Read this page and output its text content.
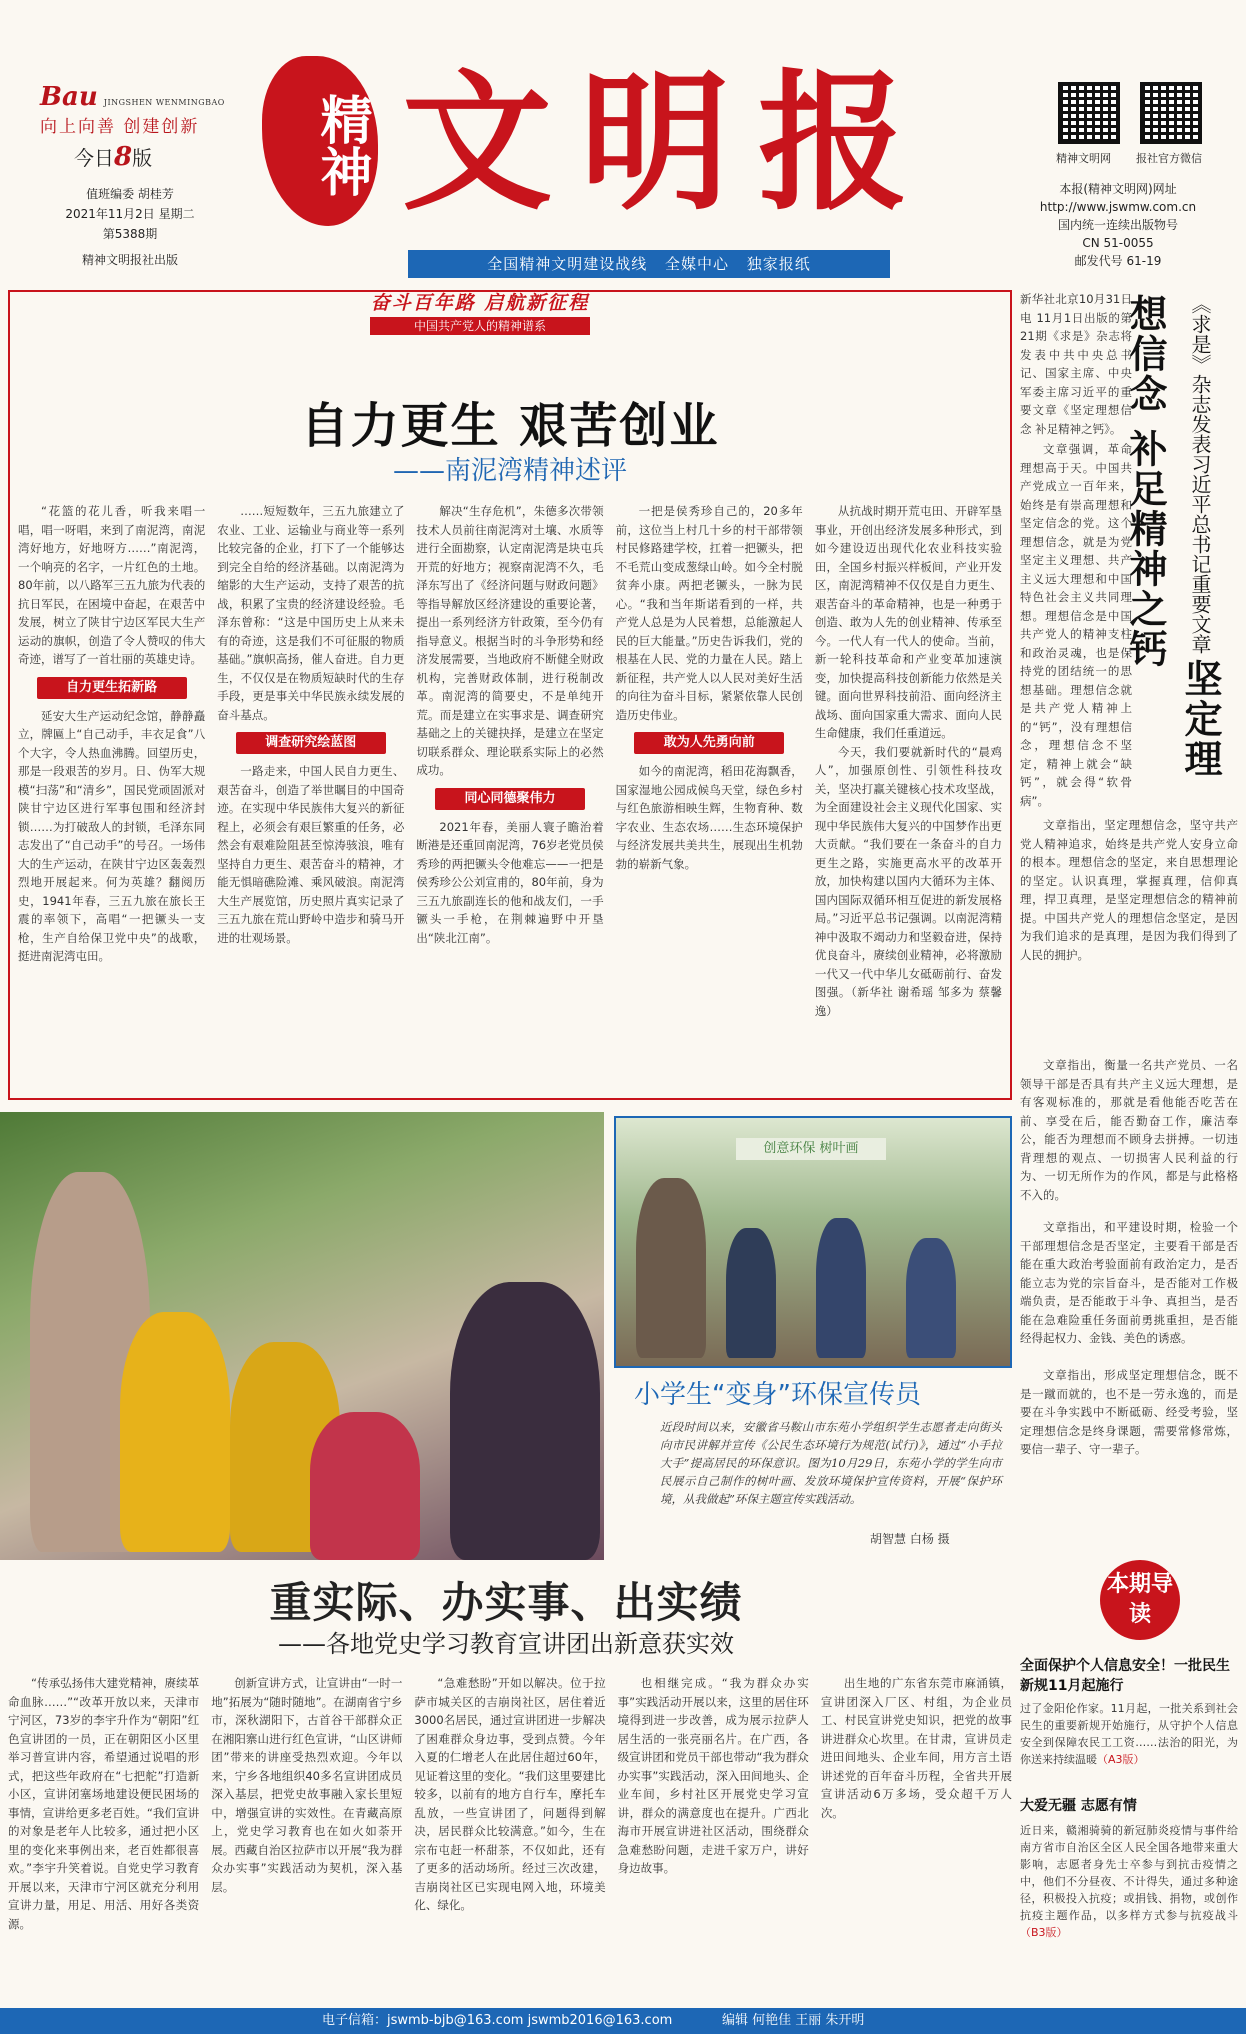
Bau JINGSHEN WENMINGBAO
向上向善 创建创新
今日8版
值班编委 胡桂芳
2021年11月2日 星期二
第5388期
精神文明报社出版
精神 文明报
全国精神文明建设战线 全媒中心 独家报纸
精神文明网 报社官方微信
本报(精神文明网)网址
http://www.jswmw.com.cn
国内统一连续出版物号
CN 51-0055
邮发代号 61-19
奋斗百年路 启航新征程
中国共产党人的精神谱系
自力更生 艰苦创业
——南泥湾精神述评

“花篮的花儿香，听我来唱一唱，唱一呀唱，来到了南泥湾，南泥湾好地方，好地呀方……”南泥湾，一个响亮的名字，一片红色的土地。80年前，以八路军三五九旅为代表的抗日军民，在困境中奋起，在艰苦中发展，树立了陕甘宁边区军民大生产运动的旗帜，创造了令人赞叹的伟大奇迹，谱写了一首壮丽的英雄史诗。

自力更生拓新路

延安大生产运动纪念馆，静静矗立，牌匾上“自己动手，丰衣足食”八个大字，令人热血沸腾。回望历史，那是一段艰苦的岁月。日、伪军大规模“扫荡”和“清乡”，国民党顽固派对陕甘宁边区进行军事包围和经济封锁……为打破敌人的封锁，毛泽东同志发出了“自己动手”的号召。一场伟大的生产运动，在陕甘宁边区轰轰烈烈地开展起来。何为英雄？翻阅历史，1941年春，三五九旅在旅长王震的率领下，高唱“一把镢头一支枪，生产自给保卫党中央”的战歌，挺进南泥湾屯田。

……短短数年，三五九旅建立了农业、工业、运输业与商业等一系列比较完备的企业，打下了一个能够达到完全自给的经济基础。以南泥湾为缩影的大生产运动，支持了艰苦的抗战，积累了宝贵的经济建设经验。毛泽东曾称：“这是中国历史上从来未有的奇迹，这是我们不可征服的物质基础。”旗帜高扬，催人奋进。自力更生，不仅仅是在物质短缺时代的生存手段，更是事关中华民族永续发展的奋斗基点。

调查研究绘蓝图

一路走来，中国人民自力更生、艰苦奋斗，创造了举世瞩目的中国奇迹。在实现中华民族伟大复兴的新征程上，必须会有艰巨繁重的任务，必然会有艰难险阻甚至惊涛骇浪，唯有坚持自力更生、艰苦奋斗的精神，才能无惧暗礁险滩、乘风破浪。南泥湾大生产展览馆，历史照片真实记录了三五九旅在荒山野岭中造步和骑马开进的壮观场景。

解决“生存危机”，朱德多次带领技术人员前往南泥湾对土壤、水质等进行全面勘察，认定南泥湾是块屯兵开荒的好地方；视察南泥湾不久，毛泽东写出了《经济问题与财政问题》等指导解放区经济建设的重要论著，提出一系列经济方针政策，至今仍有指导意义。根据当时的斗争形势和经济发展需要，当地政府不断健全财政机构，完善财政体制，进行税制改革。南泥湾的简要史，不是单纯开荒。而是建立在实事求是、调查研究基础之上的关键抉择，是建立在坚定切联系群众、理论联系实际上的必然成功。

同心同德聚伟力

2021年春，美丽人寰子瞻治着断港是还重回南泥湾，76岁老党员侯秀珍的两把镢头令他难忘——一把是侯秀珍公公刘宣甫的，80年前，身为三五九旅副连长的他和战友们，一手镢头一手枪，在荆棘遍野中开垦出“陕北江南”。

一把是侯秀珍自己的，20多年前，这位当上村几十乡的村干部带领村民修路建学校，扛着一把镢头，把不毛荒山变成葱绿山岭。如今全村脱贫奔小康。两把老镢头，一脉为民心。“我和当年斯诺看到的一样，共产党人总是为人民着想，总能激起人民的巨大能量。”历史告诉我们，党的根基在人民、党的力量在人民。踏上新征程，共产党人以人民对美好生活的向往为奋斗目标，紧紧依靠人民创造历史伟业。

敢为人先勇向前

如今的南泥湾，稻田花海飘香，国家湿地公园成候鸟天堂，绿色乡村与红色旅游相映生辉，生物育种、数字农业、生态农场……生态环境保护与经济发展共美共生，展现出生机勃勃的崭新气象。

从抗战时期开荒屯田、开辟军垦事业，开创出经济发展多种形式，到如今建设迈出现代化农业科技实验田，全国乡村振兴样板间，产业开发区，南泥湾精神不仅仅是自力更生、艰苦奋斗的革命精神，也是一种勇于创造、敢为人先的创业精神、传承至今。一代人有一代人的使命。当前，新一轮科技革命和产业变革加速演变，加快提高科技创新能力依然是关键。面向世界科技前沿、面向经济主战场、面向国家重大需求、面向人民生命健康，我们任重道远。

今天，我们要就新时代的“晨鸡人”，加强原创性、引领性科技攻关，坚决打赢关键核心技术攻坚战，为全面建设社会主义现代化国家、实现中华民族伟大复兴的中国梦作出更大贡献。“我们要在一条奋斗的自力更生之路，实施更高水平的改革开放，加快构建以国内大循环为主体、国内国际双循环相互促进的新发展格局。”习近平总书记强调。以南泥湾精神中汲取不竭动力和坚毅奋进，保持优良奋斗，赓续创业精神，必将激励一代又一代中华儿女砥砺前行、奋发图强。（新华社 谢希瑶 邹多为 蔡馨逸）

《求是》杂志发表习近平总书记重要文章 坚定理想信念 补足精神之钙
新华社北京10月31日电 11月1日出版的第21期《求是》杂志将发表中共中央总书记、国家主席、中央军委主席习近平的重要文章《坚定理想信念 补足精神之钙》。
文章强调，革命理想高于天。中国共产党成立一百年来，始终是有崇高理想和坚定信念的党。这个理想信念，就是为党坚定主义理想、共产主义远大理想和中国特色社会主义共同理想。理想信念是中国共产党人的精神支柱和政治灵魂，也是保持党的团结统一的思想基础。理想信念就是共产党人精神上的“钙”，没有理想信念，理想信念不坚定，精神上就会“缺钙”，就会得“软骨病”。
文章指出，坚定理想信念，坚守共产党人精神追求，始终是共产党人安身立命的根本。理想信念的坚定，来自思想理论的坚定。认识真理，掌握真理，信仰真理，捍卫真理，是坚定理想信念的精神前提。中国共产党人的理想信念坚定，是因为我们追求的是真理，是因为我们得到了人民的拥护。
文章指出，衡量一名共产党员、一名领导干部是否具有共产主义远大理想，是有客观标准的，那就是看他能否吃苦在前、享受在后，能否勤奋工作，廉洁奉公，能否为理想而不顾身去拼搏。一切违背理想的观点、一切损害人民利益的行为、一切无所作为的作风，都是与此格格不入的。
文章指出，和平建设时期，检验一个干部理想信念是否坚定，主要看干部是否能在重大政治考验面前有政治定力，是否能立志为党的宗旨奋斗，是否能对工作极端负责，是否能敢于斗争、真担当，是否能在急难险重任务面前勇挑重担，是否能经得起权力、金钱、美色的诱惑。
文章指出，形成坚定理想信念，既不是一蹴而就的，也不是一劳永逸的，而是要在斗争实践中不断砥砺、经受考验，坚定理想信念是终身课题，需要常修常炼，要信一辈子、守一辈子。
创意环保 树叶画
小学生“变身”环保宣传员
近段时间以来，安徽省马鞍山市东苑小学组织学生志愿者走向街头向市民讲解并宣传《公民生态环境行为规范(试行)》，通过“小手拉大手”提高居民的环保意识。图为10月29日，东苑小学的学生向市民展示自己制作的树叶画、发放环境保护宣传资料，开展“保护环境，从我做起”环保主题宣传实践活动。
胡智慧 白杨 摄
重实际、办实事、出实绩
——各地党史学习教育宣讲团出新意获实效

“传承弘扬伟大建党精神，赓续革命血脉……”“改革开放以来，天津市宁河区，73岁的李宇升作为“朝阳”红色宣讲团的一员，正在朝阳区小区里举习普宣讲内容，希望通过说唱的形式，把这些年政府在“七把舵”打造新小区，宣讲闭塞场地建设便民困场的事情，宣讲给更多老百姓。“我们宣讲的对象是老年人比较多，通过把小区里的变化来事例出来，老百姓都很喜欢。”李宇升笑着说。自党史学习教育开展以来，天津市宁河区就充分利用宣讲力量，用足、用活、用好各类资源。

创新宣讲方式，让宣讲由“一时一地”拓展为“随时随地”。在湖南省宁乡市，深秋湖阳下，古首谷干部群众正在湘阳寨山进行红色宣讲，“山区讲师团”带来的讲座受热烈欢迎。今年以来，宁乡各地组织40多名宣讲团成员深入基层，把党史故事融入家长里短中，增强宣讲的实效性。在青藏高原上，党史学习教育也在如火如荼开展。西藏自治区拉萨市以开展“我为群众办实事”实践活动为契机，深入基层。

“急难愁盼”开如以解决。位于拉萨市城关区的吉崩岗社区，居住着近3000名居民，通过宣讲团进一步解决了困难群众身边事，受到点赞。今年入夏的仁增老人在此居住超过60年，见证着这里的变化。“我们这里要建比较多，以前有的地方自行车，摩托车乱放，一些宣讲团了，问题得到解决，居民群众比较满意。”如今，生在宗布屯赶一杯甜茶，不仅如此，还有了更多的活动场所。经过三次改建，吉崩岗社区已实现电网入地，环境美化、绿化。

也相继完成。“我为群众办实事”实践活动开展以来，这里的居住环境得到进一步改善，成为展示拉萨人居生活的一张亮丽名片。在广西，各级宣讲团和党员干部也带动“我为群众办实事”实践活动，深入田间地头、企业车间，乡村社区开展党史学习宣讲，群众的满意度也在提升。广西北海市开展宣讲进社区活动，围绕群众急难愁盼问题，走进千家万户，讲好身边故事。

出生地的广东省东莞市麻涌镇，宣讲团深入厂区、村组，为企业员工、村民宣讲党史知识，把党的故事讲进群众心坎里。在甘肃，宣讲员走进田间地头、企业车间，用方言土语讲述党的百年奋斗历程，全省共开展宣讲活动6万多场，受众超千万人次。

本期导读
全面保护个人信息安全！一批民生新规11月起施行
过了金阳伦作家。11月起，一批关系到社会民生的重要新规开始施行，从守护个人信息安全到保障农民工工资……法治的阳光，为你送来持续温暖（A3版）
大爱无疆 志愿有情
近日来，赣湘骑骑的新冠肺炎疫情与事件给南方省市自治区全区人民全国各地带来重大影响，志愿者身先士卒参与到抗击疫情之中，他们不分昼夜、不计得失，通过多种途径，积极投入抗疫；或捐钱、捐物，或创作抗疫主题作品，以多样方式参与抗疫战斗（B3版）
电子信箱：jswmb-bjb@163.com jswmb2016@163.com	编辑 何艳佳 王丽 朱开明
